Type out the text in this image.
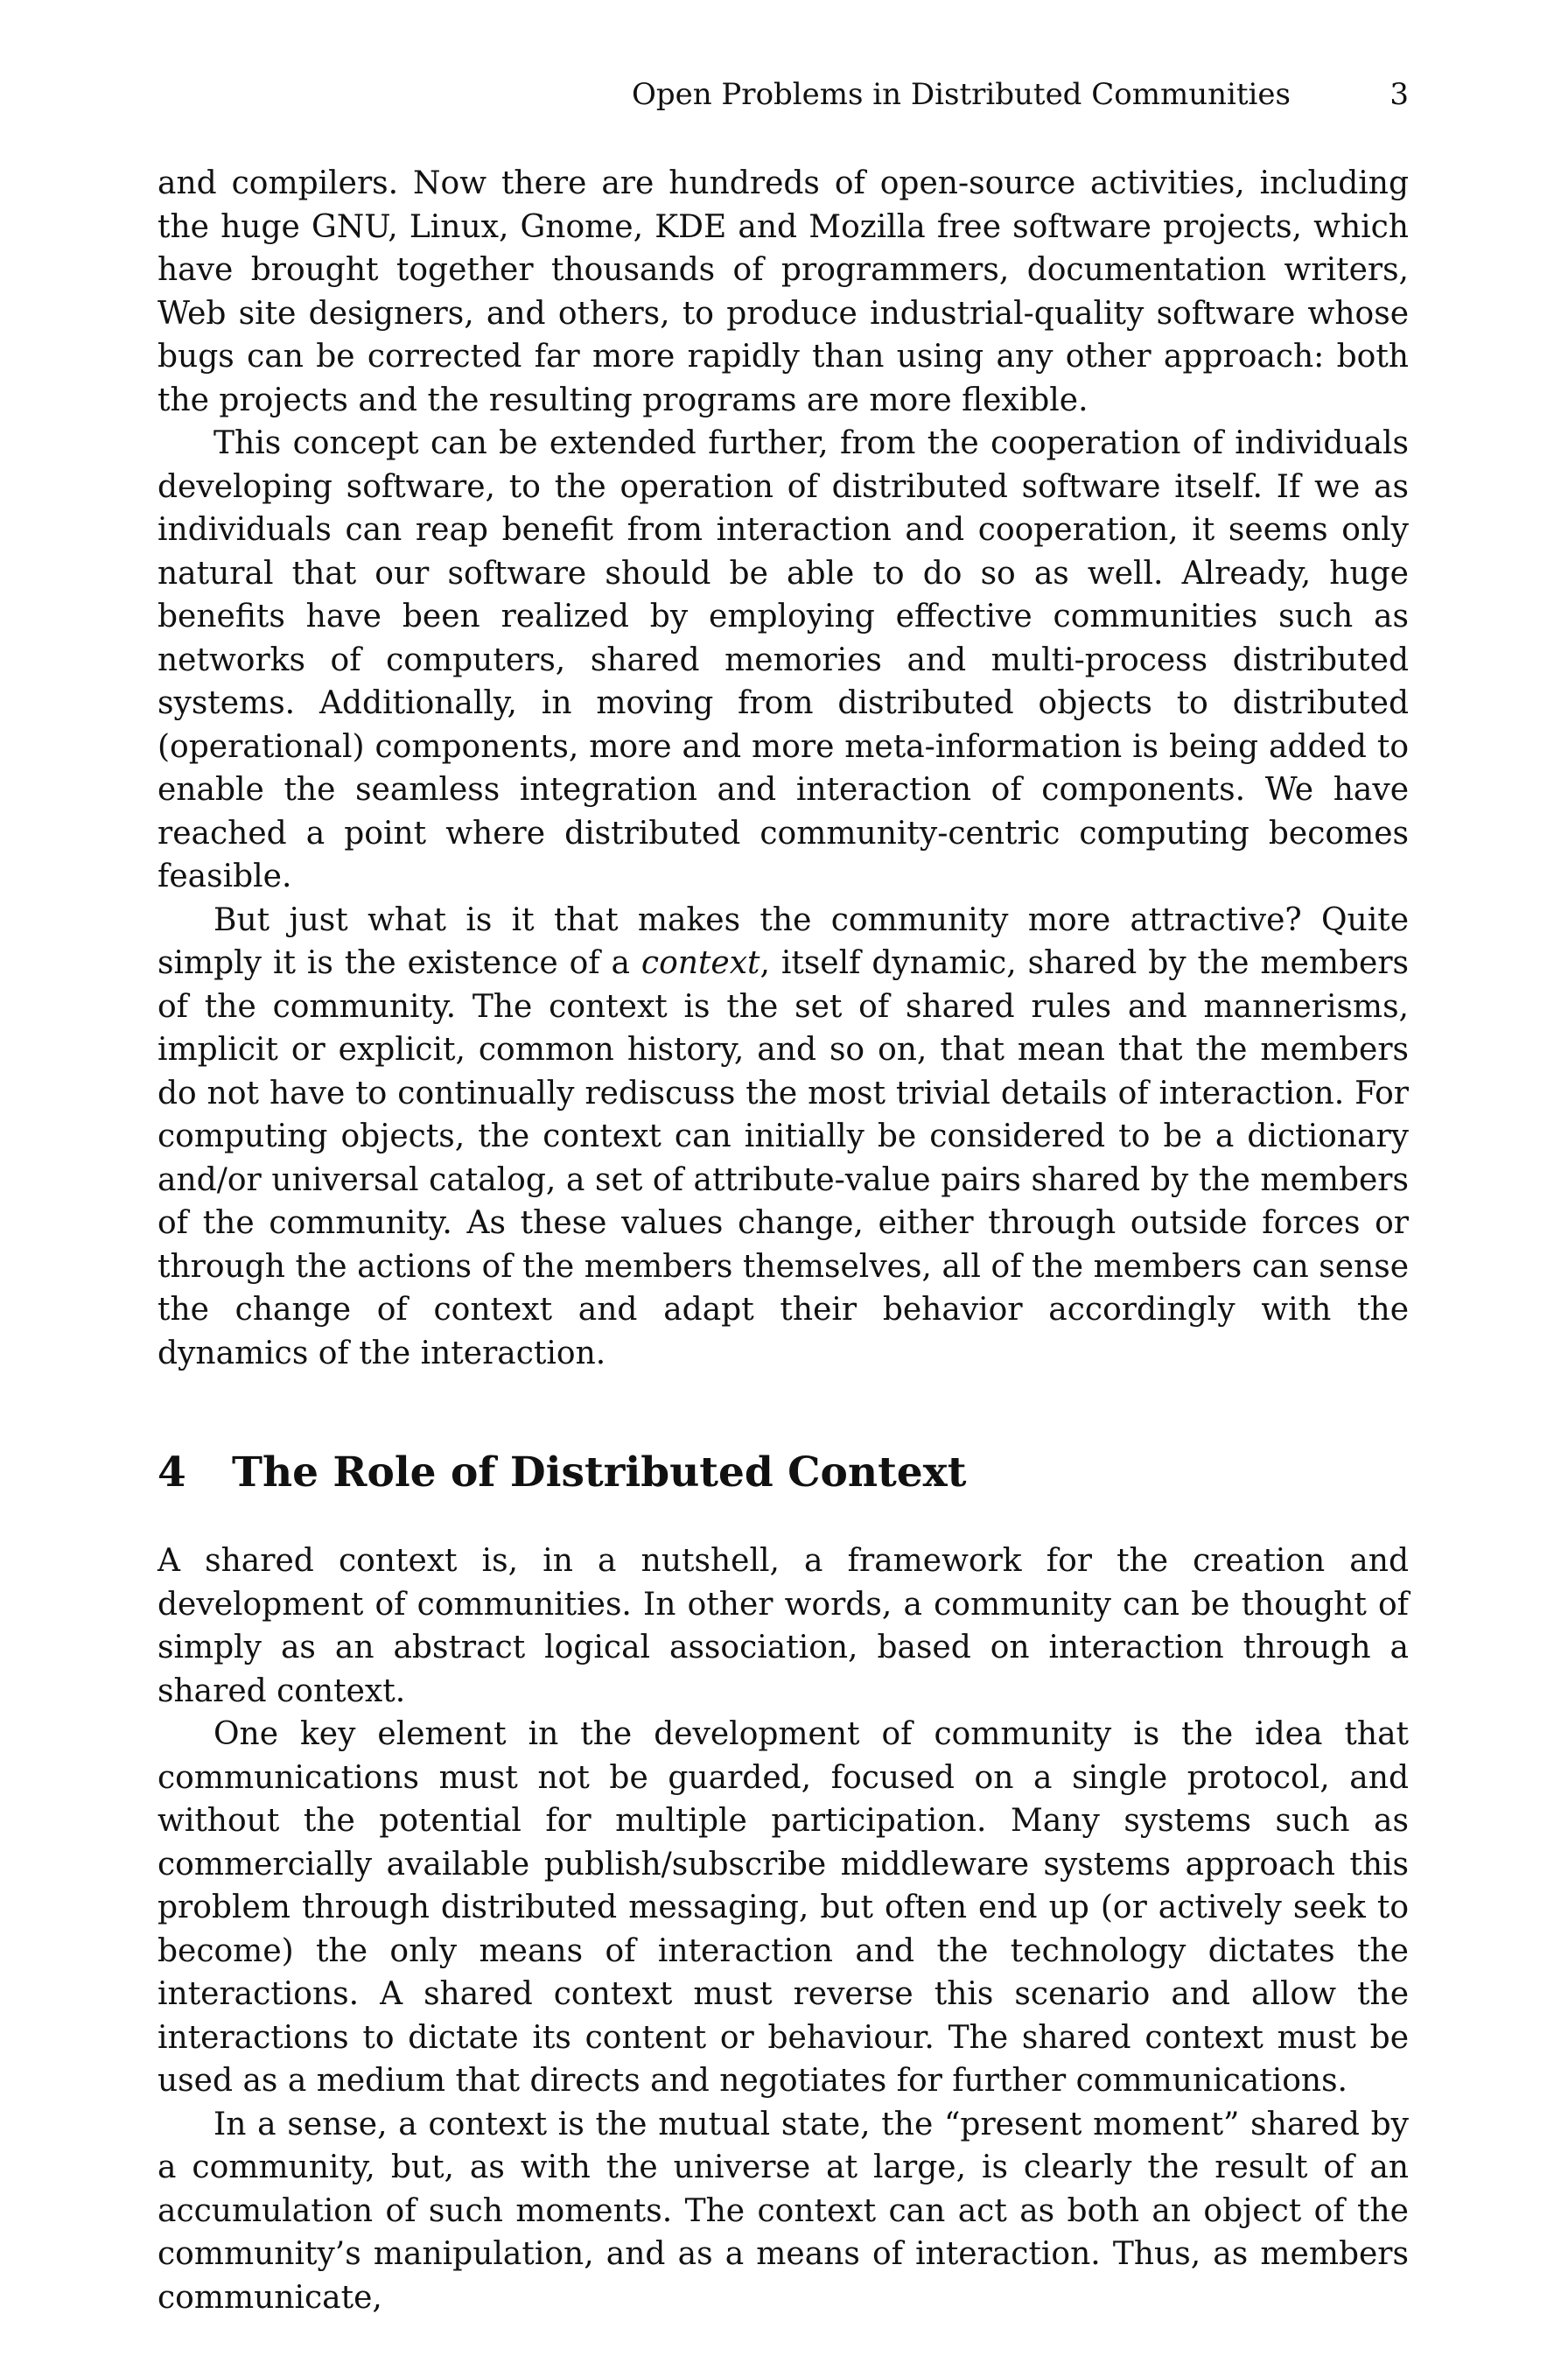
Open Problems in Distributed Communities	3

and compilers. Now there are hundreds of open-source activities, including the huge GNU, Linux, Gnome, KDE and Mozilla free software projects, which have brought together thousands of programmers, documentation writers, Web site designers, and others, to produce industrial-quality software whose bugs can be corrected far more rapidly than using any other approach: both the projects and the resulting programs are more flexible.

This concept can be extended further, from the cooperation of individuals developing software, to the operation of distributed software itself. If we as individuals can reap benefit from interaction and cooperation, it seems only natural that our software should be able to do so as well. Already, huge benefits have been realized by employing effective communities such as networks of computers, shared memories and multi-process distributed systems. Additionally, in moving from distributed objects to distributed (operational) components, more and more meta-information is being added to enable the seamless integration and interaction of components. We have reached a point where distributed community-centric computing becomes feasible.

But just what is it that makes the community more attractive? Quite simply it is the existence of a context, itself dynamic, shared by the members of the community. The context is the set of shared rules and mannerisms, implicit or explicit, common history, and so on, that mean that the members do not have to continually rediscuss the most trivial details of interaction. For computing objects, the context can initially be considered to be a dictionary and/or universal catalog, a set of attribute-value pairs shared by the members of the community. As these values change, either through outside forces or through the actions of the members themselves, all of the members can sense the change of context and adapt their behavior accordingly with the dynamics of the interaction.

4 The Role of Distributed Context

A shared context is, in a nutshell, a framework for the creation and development of communities. In other words, a community can be thought of simply as an abstract logical association, based on interaction through a shared context.

One key element in the development of community is the idea that communications must not be guarded, focused on a single protocol, and without the potential for multiple participation. Many systems such as commercially available publish/subscribe middleware systems approach this problem through distributed messaging, but often end up (or actively seek to become) the only means of interaction and the technology dictates the interactions. A shared context must reverse this scenario and allow the interactions to dictate its content or behaviour. The shared context must be used as a medium that directs and negotiates for further communications.

In a sense, a context is the mutual state, the “present moment” shared by a community, but, as with the universe at large, is clearly the result of an accumulation of such moments. The context can act as both an object of the community’s manipulation, and as a means of interaction. Thus, as members communicate,
